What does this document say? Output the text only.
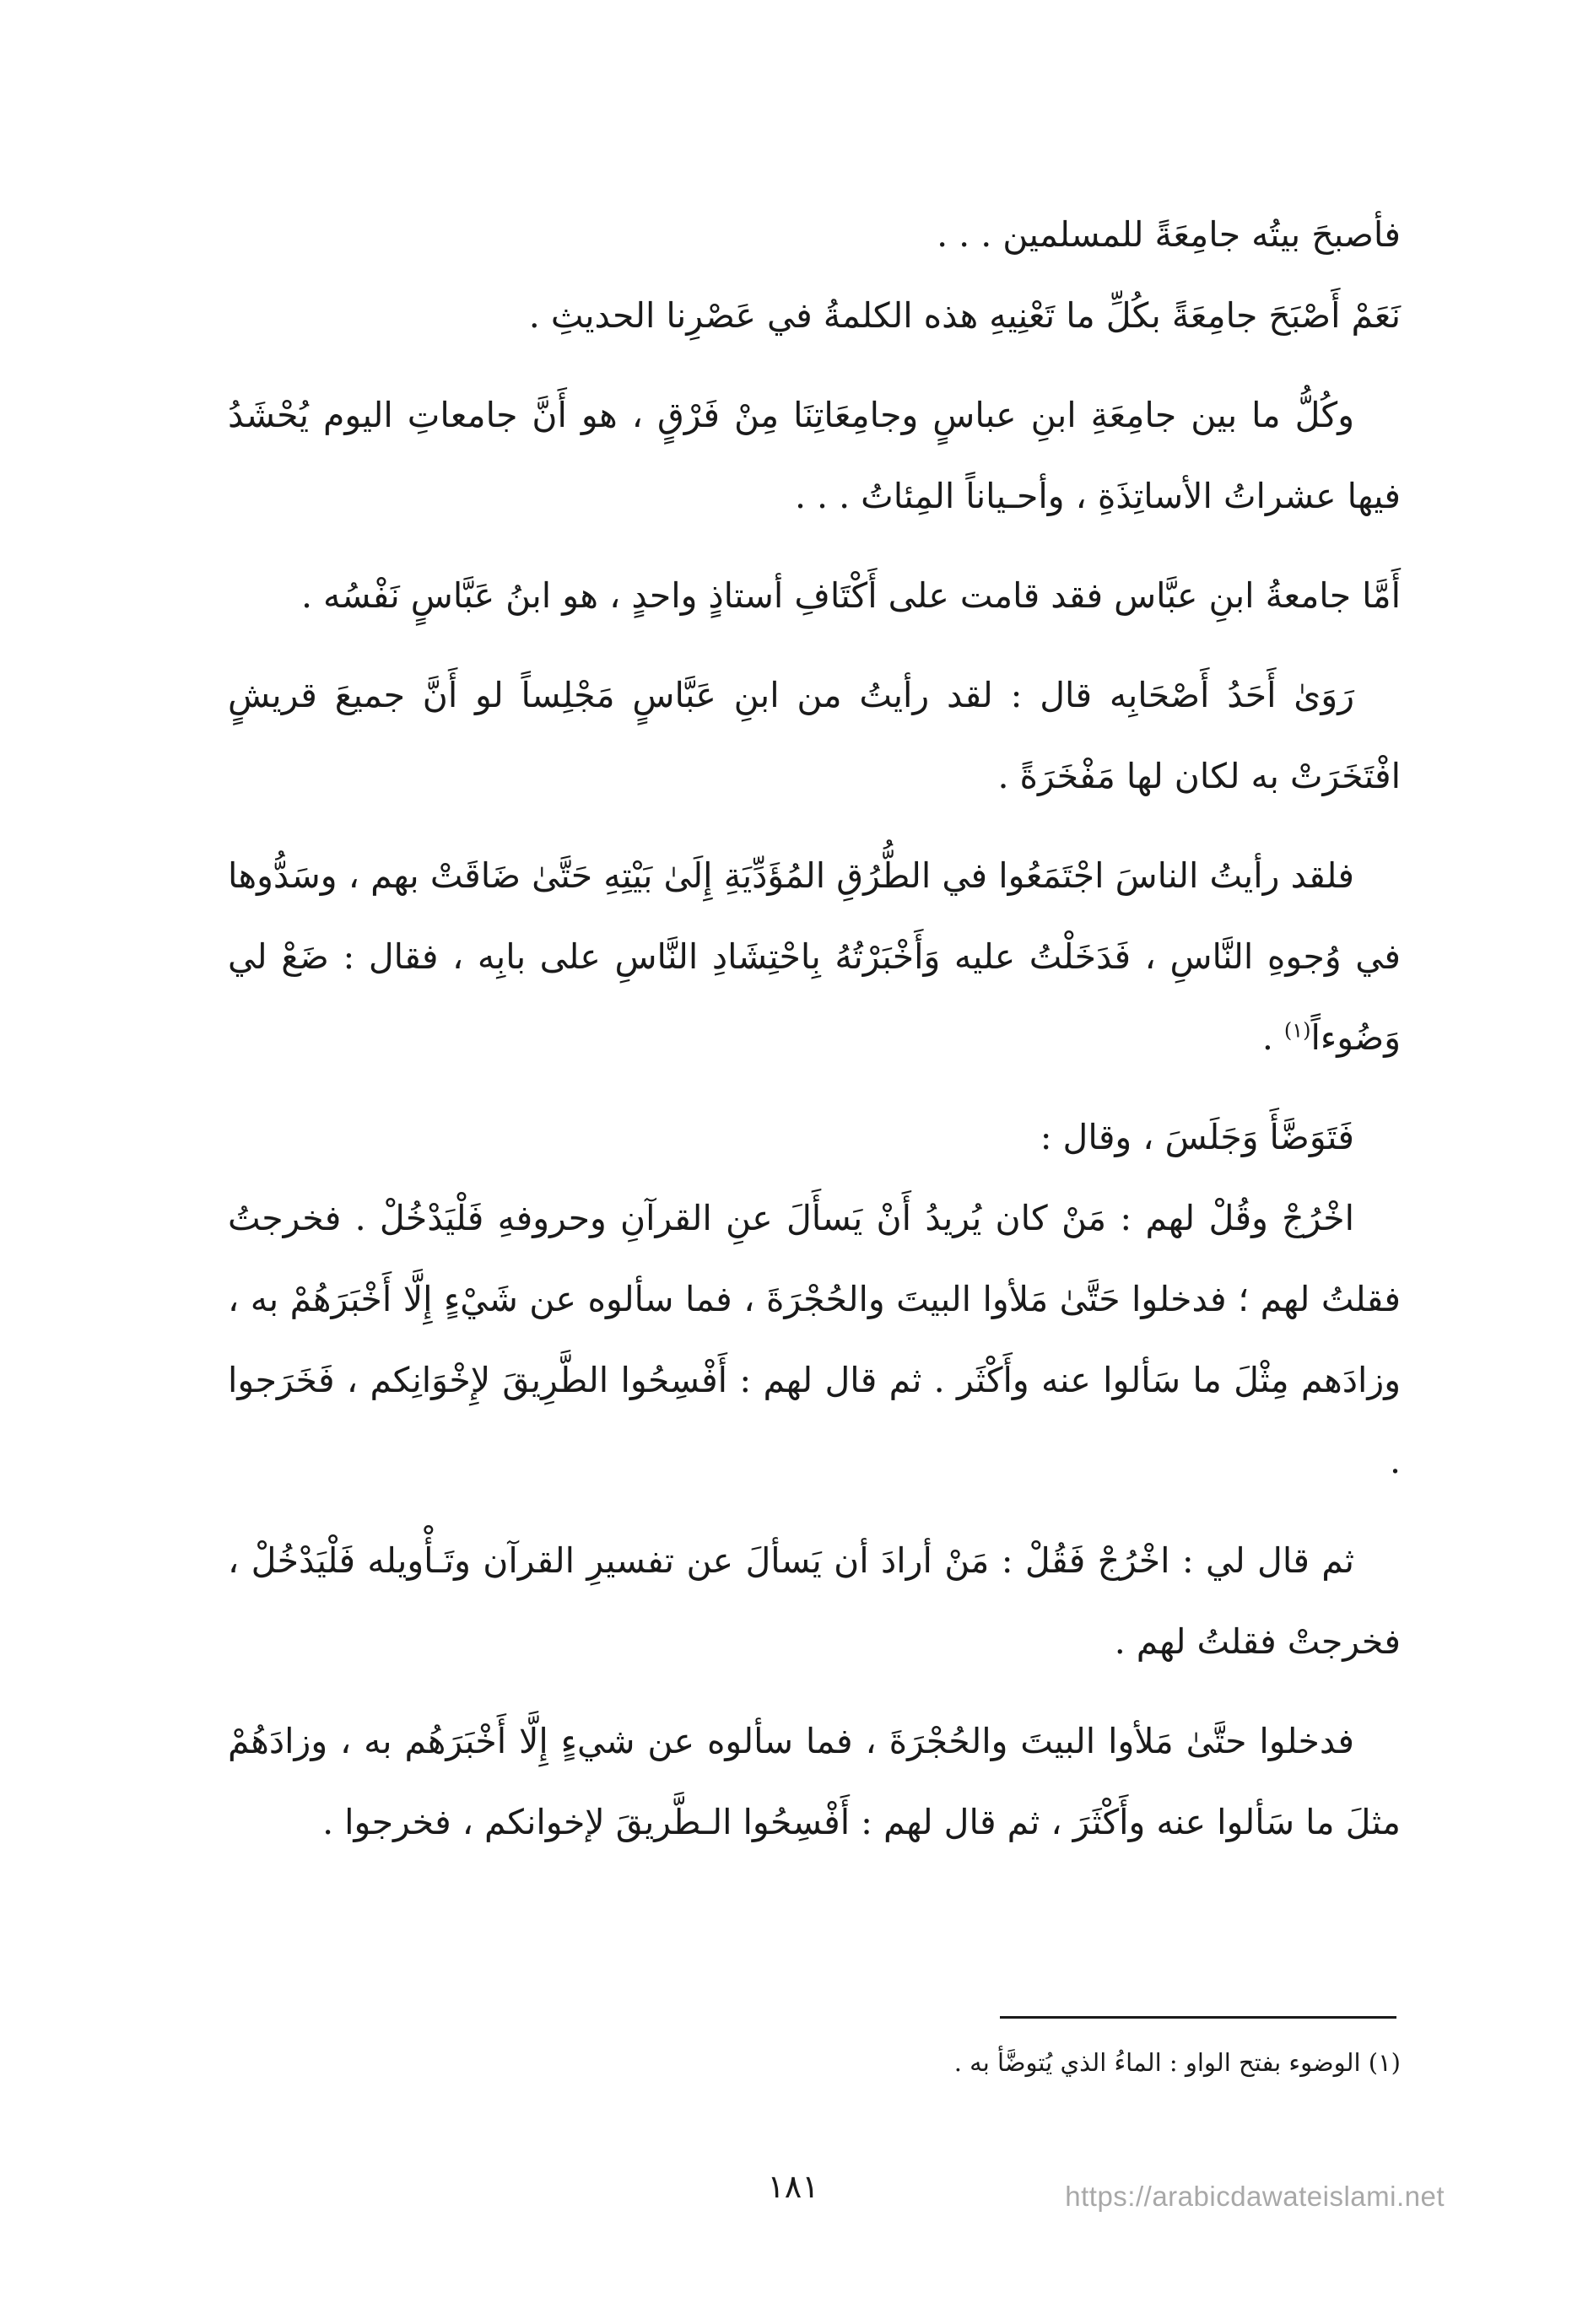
فأصبحَ بيتُه جامِعَةً للمسلمين . . .

نَعَمْ أَصْبَحَ جامِعَةً بكُلِّ ما تَعْنِيهِ هذه الكلمةُ في عَصْرِنا الحديثِ .

وكُلُّ ما بين جامِعَةِ ابنِ عباسٍ وجامِعَاتِنَا مِنْ فَرْقٍ ، هو أَنَّ جامعاتِ اليوم يُحْشَدُ فيها عشراتُ الأساتِذَةِ ، وأحـياناً المِئاتُ . . .

أَمَّا جامعةُ ابنِ عبَّاس فقد قامت على أَكْتَافِ أستاذٍ واحدٍ ، هو ابنُ عَبَّاسٍ نَفْسُه .

رَوَىٰ أَحَدُ أَصْحَابِه قال : لقد رأيتُ من ابنِ عَبَّاسٍ مَجْلِساً لو أَنَّ جميعَ قريشٍ افْتَخَرَتْ به لكان لها مَفْخَرَةً .

فلقد رأيتُ الناسَ اجْتَمَعُوا في الطُّرُقِ المُؤَدِّيَةِ إِلَىٰ بَيْتِهِ حَتَّىٰ ضَاقَتْ بهم ، وسَدُّوها في وُجوهِ النَّاسِ ، فَدَخَلْتُ عليه وَأَخْبَرْتُهُ بِاحْتِشَادِ النَّاسِ على بابِه ، فقال : ضَعْ لي وَضُوءاً$^{(١)}$ .

فَتَوَضَّأَ وَجَلَسَ ، وقال :

اخْرُجْ وقُلْ لهم : مَنْ كان يُريدُ أَنْ يَسأَلَ عنِ القرآنِ وحروفهِ فَلْيَدْخُلْ . فخرجتُ فقلتُ لهم ؛ فدخلوا حَتَّىٰ مَلأوا البيتَ والحُجْرَةَ ، فما سألوه عن شَيْءٍ إِلَّا أَخْبَرَهُمْ به ، وزادَهم مِثْلَ ما سَألوا عنه وأَكْثَر . ثم قال لهم : أَفْسِحُوا الطَّرِيقَ لإِخْوَانِكم ، فَخَرَجوا .

ثم قال لي : اخْرُجْ فَقُلْ : مَنْ أرادَ أن يَسألَ عن تفسيرِ القرآن وتَـأْويله فَلْيَدْخُلْ ، فخرجتْ فقلتُ لهم .

فدخلوا حتَّىٰ مَلأوا البيتَ والحُجْرَةَ ، فما سألوه عن شيءٍ إِلَّا أَخْبَرَهُم به ، وزادَهُمْ مثلَ ما سَألوا عنه وأَكْثَرَ ، ثم قال لهم : أَفْسِحُوا الـطَّريقَ لإخوانكم ، فخرجوا .

(١) الوضوء بفتح الواو : الماءُ الذي يُتوضَّأ به .
١٨١	https://arabicdawateislami.net
